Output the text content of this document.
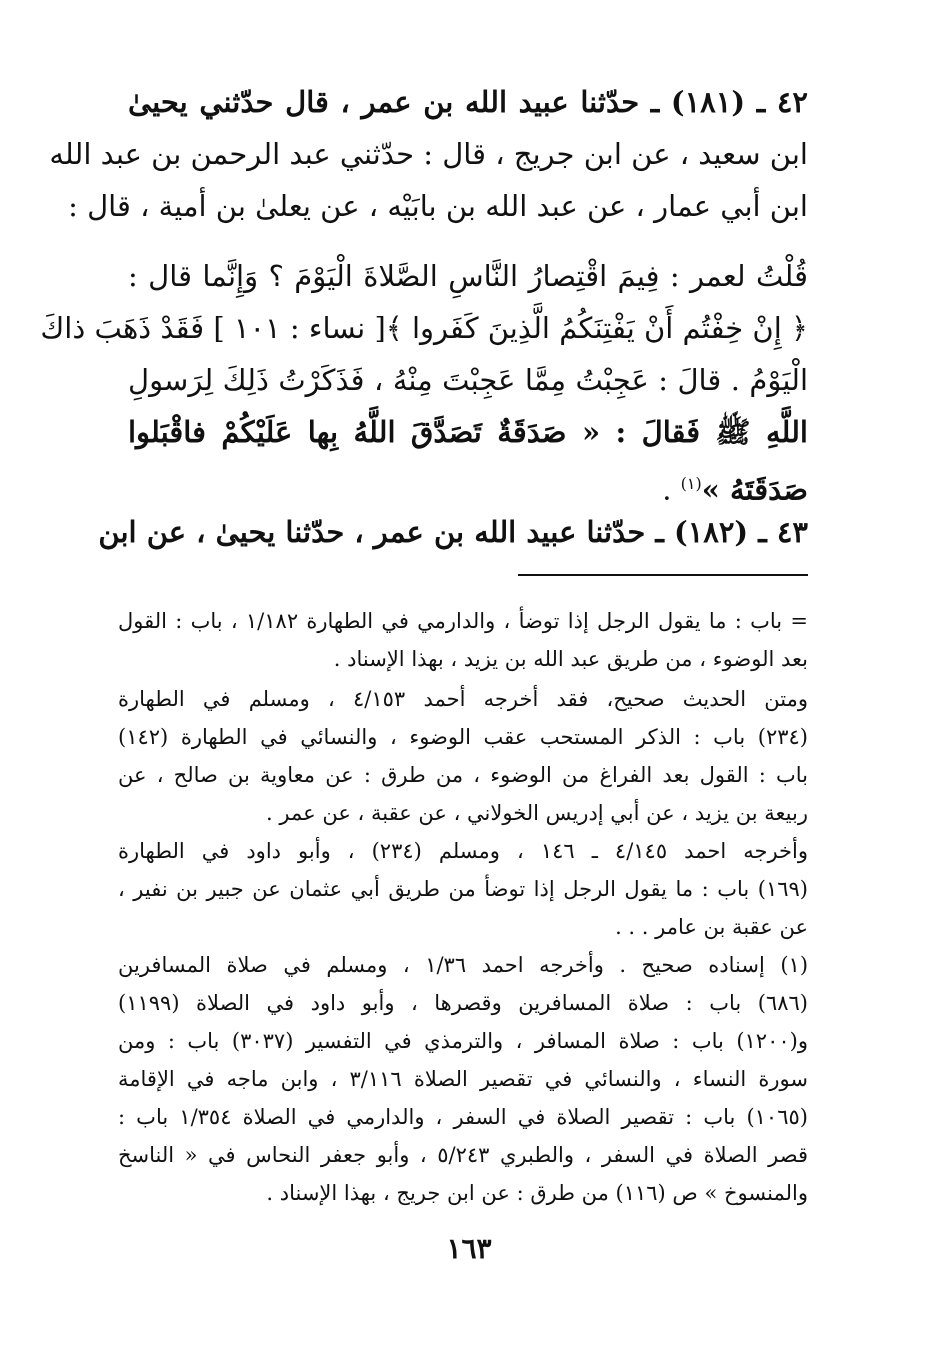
٤٢ ـ (١٨١) ـ حدّثنا عبيد الله بن عمر ، قال حدّثني يحيىٰ
ابن سعيد ، عن ابن جريج ، قال : حدّثني عبد الرحمن بن عبد الله
ابن أبي عمار ، عن عبد الله بن بابَيْه ، عن يعلىٰ بن أمية ، قال :
قُلْتُ لعمر : فِيمَ اقْتِصارُ النَّاسِ الصَّلاةَ الْيَوْمَ ؟ وَإِنَّما قال :
﴿ إِنْ خِفْتُم أَنْ يَفْتِنَكُمُ الَّذِينَ كَفَروا ﴾[ نساء : ١٠١ ] فَقَدْ ذَهَبَ ذاكَ
الْيَوْمُ . قالَ : عَجِبْتُ مِمَّا عَجِبْتَ مِنْهُ ، فَذَكَرْتُ ذَلِكَ لِرَسولِ
اللَّهِ ﷺ فَقالَ : « صَدَقَةٌ تَصَدَّقَ اللَّهُ بِها عَلَيْكُمْ فاقْبَلوا
صَدَقَتَهُ »$^{(١)}$ .
٤٣ ـ (١٨٢) ـ حدّثنا عبيد الله بن عمر ، حدّثنا يحيىٰ ، عن ابن
= باب : ما يقول الرجل إذا توضأ ، والدارمي في الطهارة ١/١٨٢ ، باب : القول
بعد الوضوء ، من طريق عبد الله بن يزيد ، بهذا الإسناد .
ومتن الحديث صحيح، فقد أخرجه أحمد ٤/١٥٣ ، ومسلم في الطهارة
(٢٣٤) باب : الذكر المستحب عقب الوضوء ، والنسائي في الطهارة (١٤٢)
باب : القول بعد الفراغ من الوضوء ، من طرق : عن معاوية بن صالح ، عن
ربيعة بن يزيد ، عن أبي إدريس الخولاني ، عن عقبة ، عن عمر .
وأخرجه احمد ٤/١٤٥ ـ ١٤٦ ، ومسلم (٢٣٤) ، وأبو داود في الطهارة
(١٦٩) باب : ما يقول الرجل إذا توضأ من طريق أبي عثمان عن جبير بن نفير ،
عن عقبة بن عامر . . .
(١) إسناده صحيح . وأخرجه احمد ١/٣٦ ، ومسلم في صلاة المسافرين
(٦٨٦) باب : صلاة المسافرين وقصرها ، وأبو داود في الصلاة (١١٩٩)
و(١٢٠٠) باب : صلاة المسافر ، والترمذي في التفسير (٣٠٣٧) باب : ومن
سورة النساء ، والنسائي في تقصير الصلاة ٣/١١٦ ، وابن ماجه في الإقامة
(١٠٦٥) باب : تقصير الصلاة في السفر ، والدارمي في الصلاة ١/٣٥٤ باب :
قصر الصلاة في السفر ، والطبري ٥/٢٤٣ ، وأبو جعفر النحاس في « الناسخ
والمنسوخ » ص (١١٦) من طرق : عن ابن جريج ، بهذا الإسناد .
١٦٣
